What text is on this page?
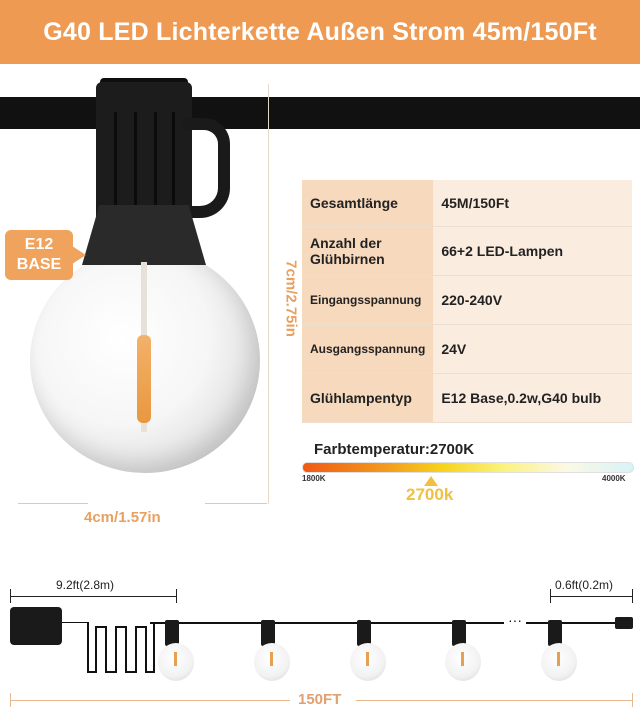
G40 LED Lichterkette Außen Strom 45m/150Ft
E12
BASE	7cm/2.75in
4cm/1.57in
Gesamtlänge	45M/150Ft
Anzahl der Glühbirnen	66+2 LED-Lampen
Eingangsspannung	220-240V
Ausgangsspannung	24V
Glühlampentyp	E12 Base,0.2w,G40 bulb
Farbtemperatur:2700K
1800K	4000K
2700k
9.2ft(2.8m)	0.6ft(0.2m)
···
150FT
